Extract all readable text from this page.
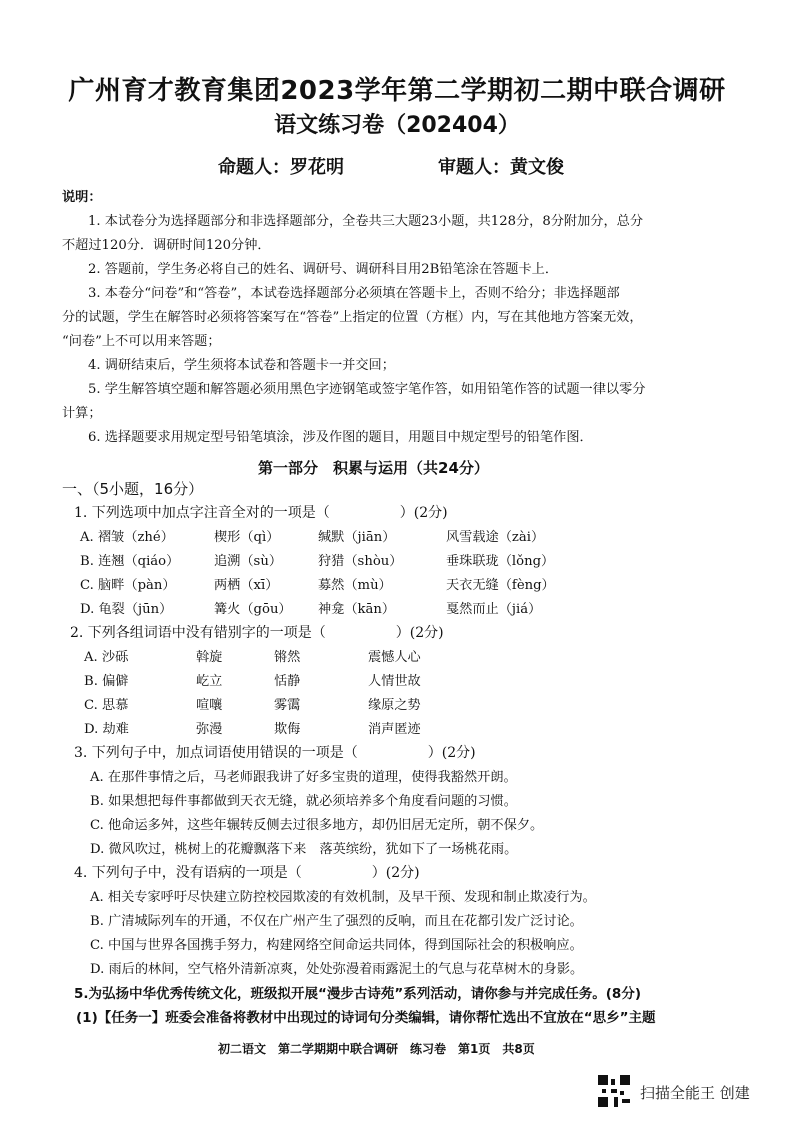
广州育才教育集团2023学年第二学期初二期中联合调研
语文练习卷（202404）
命题人：罗花明	审题人：黄文俊
说明：
1. 本试卷分为选择题部分和非选择题部分，全卷共三大题23小题，共128分，8分附加分，总分
不超过120分．调研时间120分钟．
2. 答题前，学生务必将自己的姓名、调研号、调研科目用2B铅笔涂在答题卡上．
3. 本卷分“问卷”和“答卷”，本试卷选择题部分必须填在答题卡上，否则不给分；非选择题部
分的试题，学生在解答时必须将答案写在“答卷”上指定的位置（方框）内，写在其他地方答案无效，
“问卷”上不可以用来答题；
4. 调研结束后，学生须将本试卷和答题卡一并交回；
5. 学生解答填空题和解答题必须用黑色字迹钢笔或签字笔作答，如用铅笔作答的试题一律以零分
计算；
6. 选择题要求用规定型号铅笔填涂，涉及作图的题目，用题目中规定型号的铅笔作图．
第一部分　积累与运用（共24分）
一、（5小题，16分）
1. 下列选项中加点字注音全对的一项是（　　　　　）(2分)
A. 褶皱（zhé）	楔形（qì）	缄默（jiān）	风雪载途（zài）
B. 连翘（qiáo）	追溯（sù）	狩猎（shòu）	垂珠联珑（lǒng）
C. 脑畔（pàn）	两栖（xī）	募然（mù）	天衣无缝（fèng）
D. 龟裂（jūn）	篝火（gōu） 神龛（kān）	戛然而止（jiá）
2. 下列各组词语中没有错别字的一项是（　　　　　）(2分)
A. 沙砾	斡旋	锵然	震憾人心
B. 偏僻	屹立	恬静	人情世故
C. 思慕	喧嚷	雾霭	缘原之势
D. 劫难	弥漫	欺侮	消声匿迹
3. 下列句子中，加点词语使用错误的一项是（　　　　　）(2分)
A. 在那件事情之后，马老师跟我讲了好多宝贵的道理，使得我豁然开朗。
B. 如果想把每件事都做到天衣无缝，就必须培养多个角度看问题的习惯。
C. 他命运多舛，这些年辗转反侧去过很多地方，却仍旧居无定所，朝不保夕。
D. 微风吹过，桃树上的花瓣飘落下来　落英缤纷，犹如下了一场桃花雨。
4. 下列句子中，没有语病的一项是（　　　　　）(2分)
A. 相关专家呼吁尽快建立防控校园欺凌的有效机制，及早干预、发现和制止欺凌行为。
B. 广清城际列车的开通，不仅在广州产生了强烈的反响，而且在花都引发广泛讨论。
C. 中国与世界各国携手努力，构建网络空间命运共同体，得到国际社会的积极响应。
D. 雨后的林间，空气格外清新凉爽，处处弥漫着雨露泥土的气息与花草树木的身影。
5.为弘扬中华优秀传统文化，班级拟开展“漫步古诗苑”系列活动，请你参与并完成任务。(8分)
(1)【任务一】班委会准备将教材中出现过的诗词句分类编辑，请你帮忙选出不宜放在“思乡”主题
初二语文　第二学期期中联合调研　练习卷　第1页　共8页
扫描全能王 创建
